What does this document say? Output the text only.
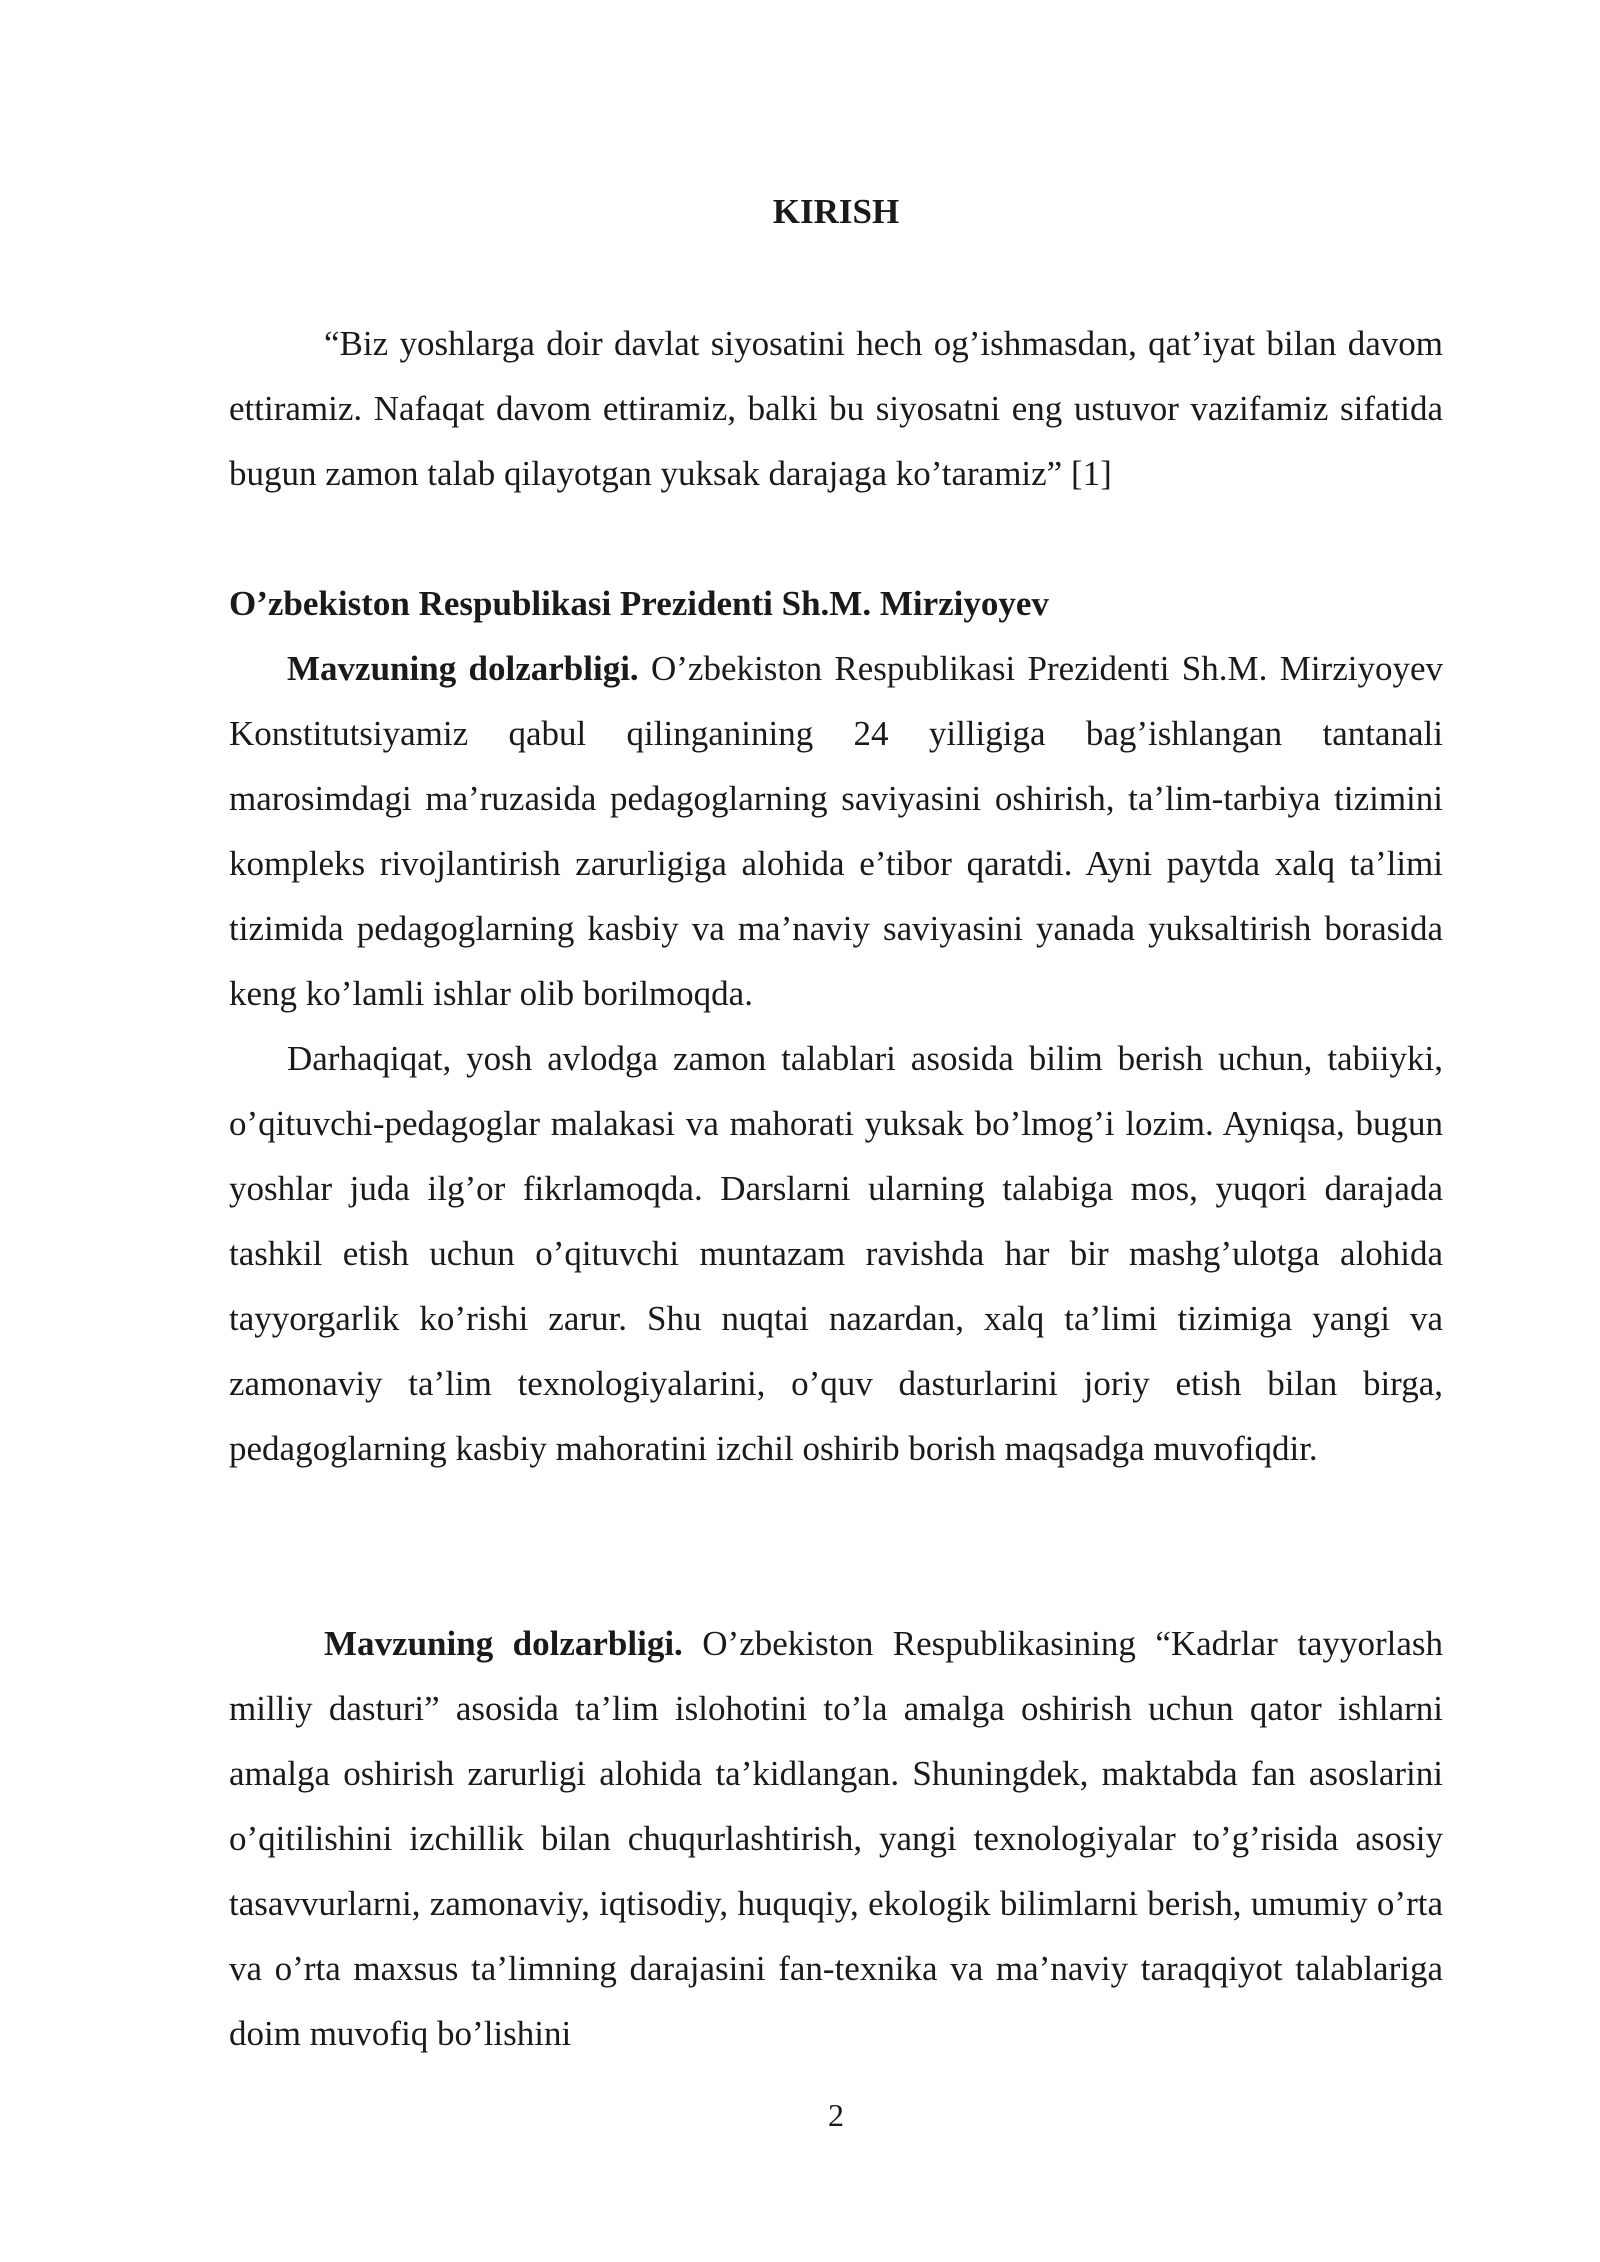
KIRISH

“Biz yoshlarga doir davlat siyosatini hech og’ishmasdan, qat’iyat bilan davom ettiramiz. Nafaqat davom ettiramiz, balki bu siyosatni eng ustuvor vazifamiz sifatida bugun zamon talab qilayotgan yuksak darajaga ko’taramiz” [1]

O’zbekiston Respublikasi Prezidenti Sh.M. Mirziyoyev

Mavzuning dolzarbligi. O’zbekiston Respublikasi Prezidenti Sh.M. Mirziyoyev Konstitutsiyamiz qabul qilinganining 24 yilligiga bag’ishlangan tantanali marosimdagi ma’ruzasida pedagoglarning saviyasini oshirish, ta’lim-tarbiya tizimini kompleks rivojlantirish zarurligiga alohida e’tibor qaratdi. Ayni paytda xalq ta’limi tizimida pedagoglarning kasbiy va ma’naviy saviyasini yanada yuksaltirish borasida keng ko’lamli ishlar olib borilmoqda.

Darhaqiqat, yosh avlodga zamon talablari asosida bilim berish uchun, tabiiyki, o’qituvchi-pedagoglar malakasi va mahorati yuksak bo’lmog’i lozim. Ayniqsa, bugun yoshlar juda ilg’or fikrlamoqda. Darslarni ularning talabiga mos, yuqori darajada tashkil etish uchun o’qituvchi muntazam ravishda har bir mashg’ulotga alohida tayyorgarlik ko’rishi zarur. Shu nuqtai nazardan, xalq ta’limi tizimiga yangi va zamonaviy ta’lim texnologiyalarini, o’quv dasturlarini joriy etish bilan birga, pedagoglarning kasbiy mahoratini izchil oshirib borish maqsadga muvofiqdir.

Mavzuning dolzarbligi. O’zbekiston Respublikasining “Kadrlar tayyorlash milliy dasturi” asosida ta’lim islohotini to’la amalga oshirish uchun qator ishlarni amalga oshirish zarurligi alohida ta’kidlangan. Shuningdek, maktabda fan asoslarini o’qitilishini izchillik bilan chuqurlashtirish, yangi texnologiyalar to’g’risida asosiy tasavvurlarni, zamonaviy, iqtisodiy, huquqiy, ekologik bilimlarni berish, umumiy o’rta va o’rta maxsus ta’limning darajasini fan-texnika va ma’naviy taraqqiyot talablariga doim muvofiq bo’lishini

2
